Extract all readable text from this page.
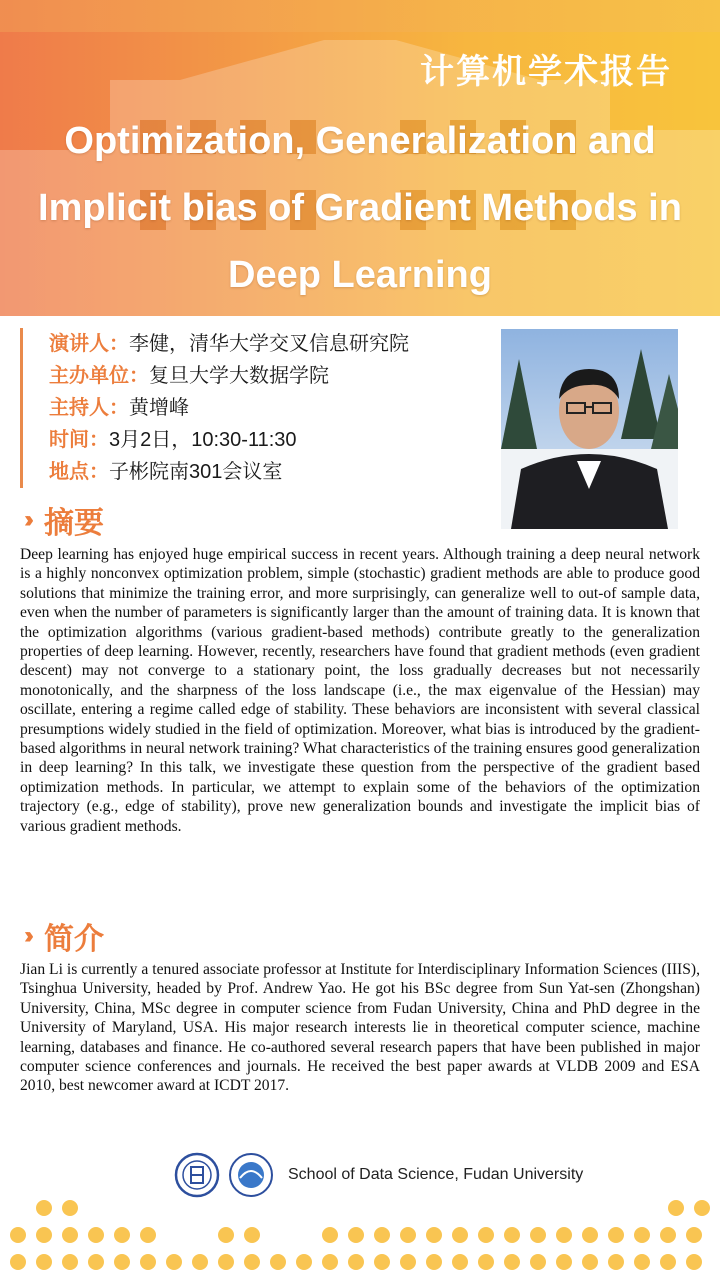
计算机学术报告
Optimization, Generalization and Implicit bias of Gradient Methods in Deep Learning
演讲人：李健，清华大学交叉信息研究院
主办单位：复旦大学大数据学院
主持人：黄增峰
时间：3月2日，10:30-11:30
地点：子彬院南301会议室
›› 摘要

Deep learning has enjoyed huge empirical success in recent years. Although training a deep neural network is a highly nonconvex optimization problem, simple (stochastic) gradient methods are able to produce good solutions that minimize the training error, and more surprisingly, can generalize well to out-of sample data, even when the number of parameters is significantly larger than the amount of training data. It is known that the optimization algorithms (various gradient-based methods) contribute greatly to the generalization properties of deep learning. However, recently, researchers have found that gradient methods (even gradient descent) may not converge to a stationary point, the loss gradually decreases but not necessarily monotonically, and the sharpness of the loss landscape (i.e., the max eigenvalue of the Hessian) may oscillate, entering a regime called edge of stability. These behaviors are inconsistent with several classical presumptions widely studied in the field of optimization. Moreover, what bias is introduced by the gradient-based algorithms in neural network training? What characteristics of the training ensures good generalization in deep learning? In this talk, we investigate these question from the perspective of the gradient based optimization methods. In particular, we attempt to explain some of the behaviors of the optimization trajectory (e.g., edge of stability), prove new generalization bounds and investigate the implicit bias of various gradient methods.

›› 简介

Jian Li is currently a tenured associate professor at Institute for Interdisciplinary Information Sciences (IIIS), Tsinghua University, headed by Prof. Andrew Yao. He got his BSc degree from Sun Yat-sen (Zhongshan) University, China, MSc degree in computer science from Fudan University, China and PhD degree in the University of Maryland, USA. His major research interests lie in theoretical computer science, machine learning, databases and finance. He co-authored several research papers that have been published in major computer science conferences and journals. He received the best paper awards at VLDB 2009 and ESA 2010, best newcomer award at ICDT 2017.

School of Data Science, Fudan University
